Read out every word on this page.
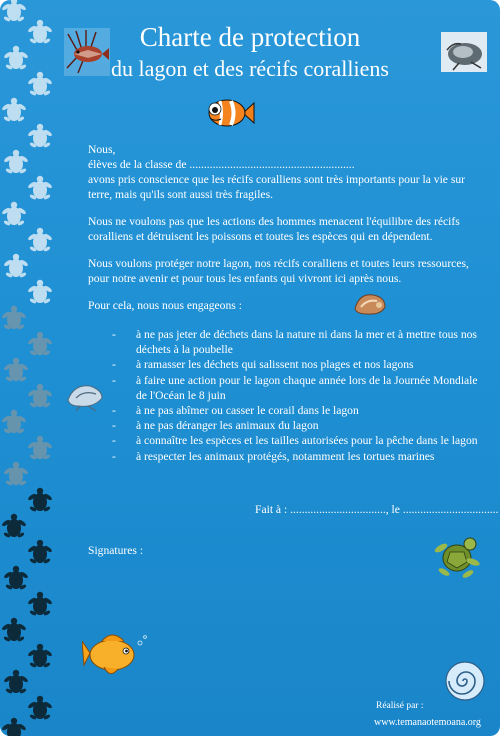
Charte de protection
du lagon et des récifs coralliens
Nous,
élèves de la classe de .........................................................
avons pris conscience que les récifs coralliens sont très importants pour la vie sur terre, mais qu'ils sont aussi très fragiles.
Nous ne voulons pas que les actions des hommes menacent l'équilibre des récifs coralliens et détruisent les poissons et toutes les espèces qui en dépendent.
Nous voulons protéger notre lagon, nos récifs coralliens et toutes leurs ressources, pour notre avenir et pour tous les enfants qui vivront ici après nous.
Pour cela, nous nous engageons :
- à ne pas jeter de déchets dans la nature ni dans la mer et à mettre tous nos déchets à la poubelle
- à ramasser les déchets qui salissent nos plages et nos lagons
- à faire une action pour le lagon chaque année lors de la Journée Mondiale de l'Océan le 8 juin
- à ne pas abîmer ou casser le corail dans le lagon
- à ne pas déranger les animaux du lagon
- à connaître les espèces et les tailles autorisées pour la pêche dans le lagon
- à respecter les animaux protégés, notamment les tortues marines
Fait à : ................................., le .................................
Signatures :
Réalisé par :
www.temanaotemoana.org
